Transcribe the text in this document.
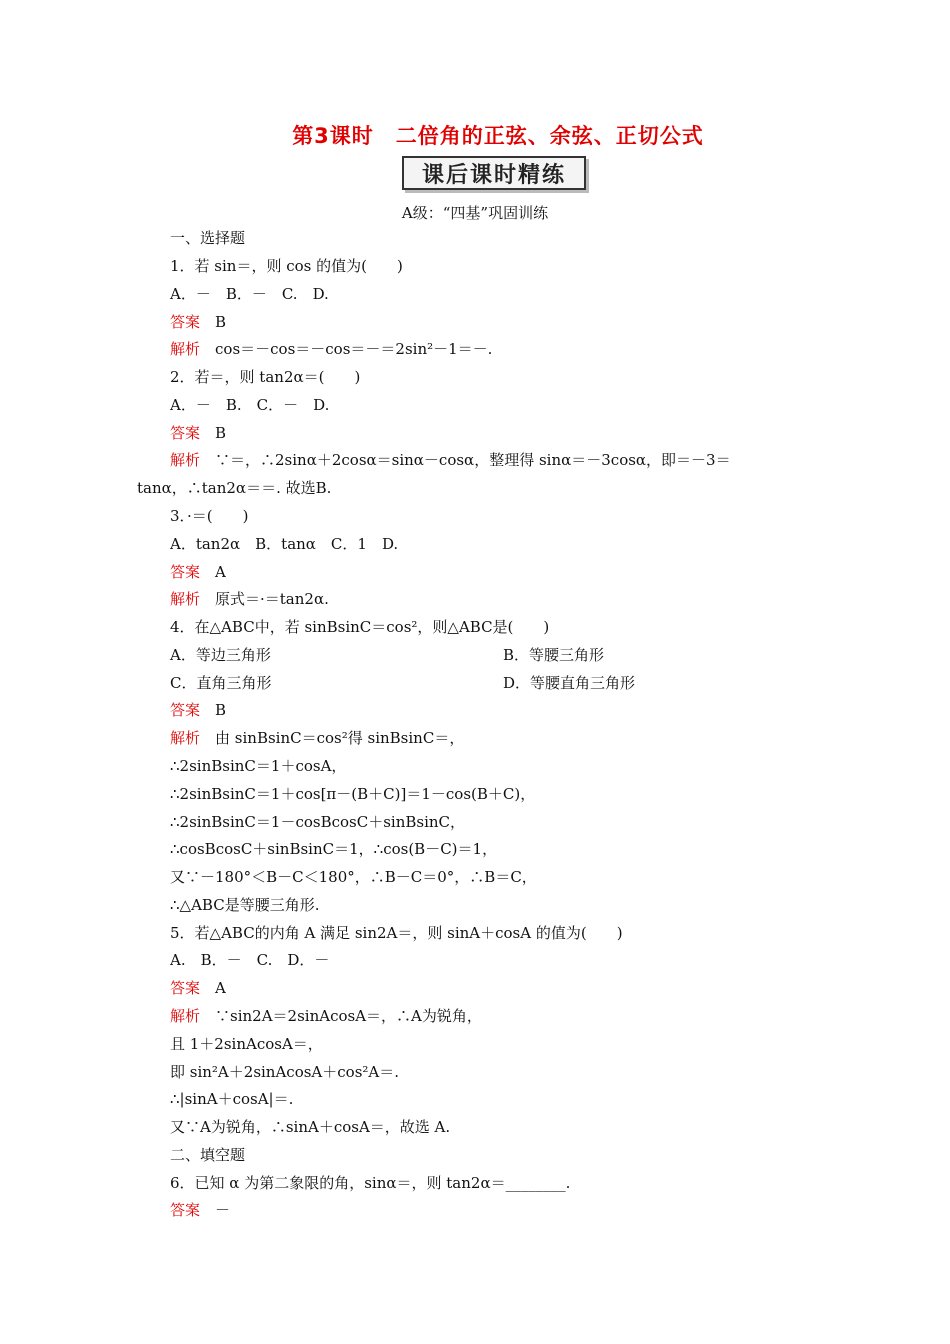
第3课时　二倍角的正弦、余弦、正切公式
课后课时精练
A级：“四基”巩固训练
一、选择题
1．若 sin＝，则 cos 的值为(　　)
A．－　B．－　C.　D.
答案　B
解析　cos＝－cos＝－cos＝－＝2sin²－1＝－.
2．若＝，则 tan2α＝(　　)
A．－　B.　C．－　D.
答案　B
解析　∵＝，∴2sinα＋2cosα＝sinα－cosα，整理得 sinα＝－3cosα，即＝－3＝
tanα，∴tan2α＝＝. 故选B.
3．·＝(　　)
A．tan2α　B．tanα　C．1　D.
答案　A
解析　原式＝·＝tan2α.
4．在△ABC中，若 sinBsinC＝cos²，则△ABC是(　　)
A．等边三角形	B．等腰三角形
C．直角三角形	D．等腰直角三角形
答案　B
解析　由 sinBsinC＝cos²得 sinBsinC＝，
∴2sinBsinC＝1＋cosA，
∴2sinBsinC＝1＋cos[π－(B＋C)]＝1－cos(B＋C)，
∴2sinBsinC＝1－cosBcosC＋sinBsinC，
∴cosBcosC＋sinBsinC＝1，∴cos(B－C)＝1，
又∵－180°＜B－C＜180°，∴B－C＝0°，∴B＝C，
∴△ABC是等腰三角形.
5．若△ABC的内角 A 满足 sin2A＝，则 sinA＋cosA 的值为(　　)
A.　B．－　C.　D．－
答案　A
解析　∵sin2A＝2sinAcosA＝，∴A为锐角，
且 1＋2sinAcosA＝，
即 sin²A＋2sinAcosA＋cos²A＝.
∴|sinA＋cosA|＝.
又∵A为锐角，∴sinA＋cosA＝，故选 A.
二、填空题
6．已知 α 为第二象限的角，sinα＝，则 tan2α＝________.
答案　－
